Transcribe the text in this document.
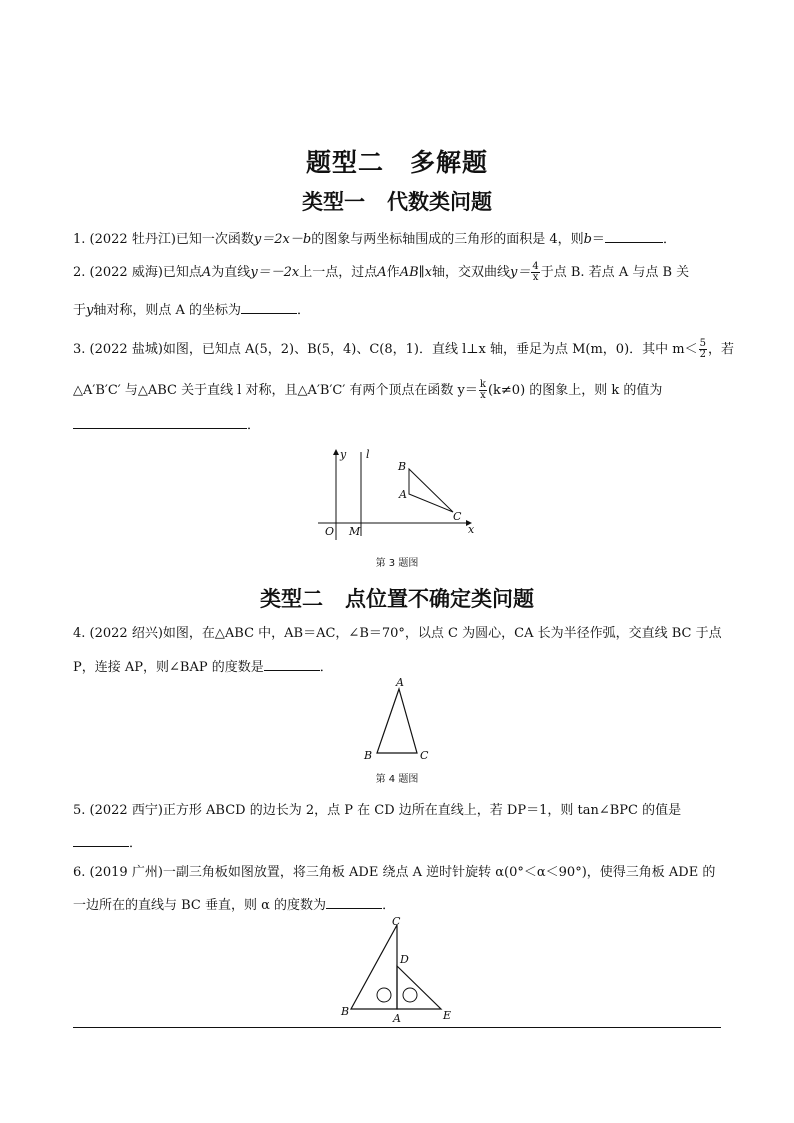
题型二 多解题
类型一 代数类问题
1. (2022 牡丹江)已知一次函数y＝2x－b的图象与两坐标轴围成的三角形的面积是 4，则b＝	．
2. (2022 威海)已知点A为直线y＝－2x上一点，过点A作AB∥x轴，交双曲线$y= \frac{4}{x}$ 于点 B. 若点 A 与点 B 关
于y轴对称，则点 A 的坐标为	．
3. (2022 盐城)如图，已知点 A(5，2)、B(5，4)、C(8，1)．直线 l⊥x 轴，垂足为点 M(m，0)．其中 $m< \frac{5}{2}$ ，若
△A′B′C′ 与△ABC 关于直线 l 对称，且△A′B′C′ 有两个顶点在函数 $y= \frac{k}{x} (k\ne 0)$ 的图象上，则 k 的值为
．
y l
B
A
C
O M	x
第 3 题图
类型二 点位置不确定类问题
4. (2022 绍兴)如图，在△ABC 中，AB＝AC，∠B＝70°，以点 C 为圆心，CA 长为半径作弧，交直线 BC 于点
P，连接 AP，则∠BAP 的度数是	．
A
B	C
第 4 题图
5. (2022 西宁)正方形 ABCD 的边长为 2，点 P 在 CD 边所在直线上，若 DP＝1，则 tan∠BPC 的值是
．
6. (2019 广州)一副三角板如图放置，将三角板 ADE 绕点 A 逆时针旋转 α(0°＜α＜90°)，使得三角板 ADE 的
一边所在的直线与 BC 垂直，则 α 的度数为	．
C
D
B
A	E
